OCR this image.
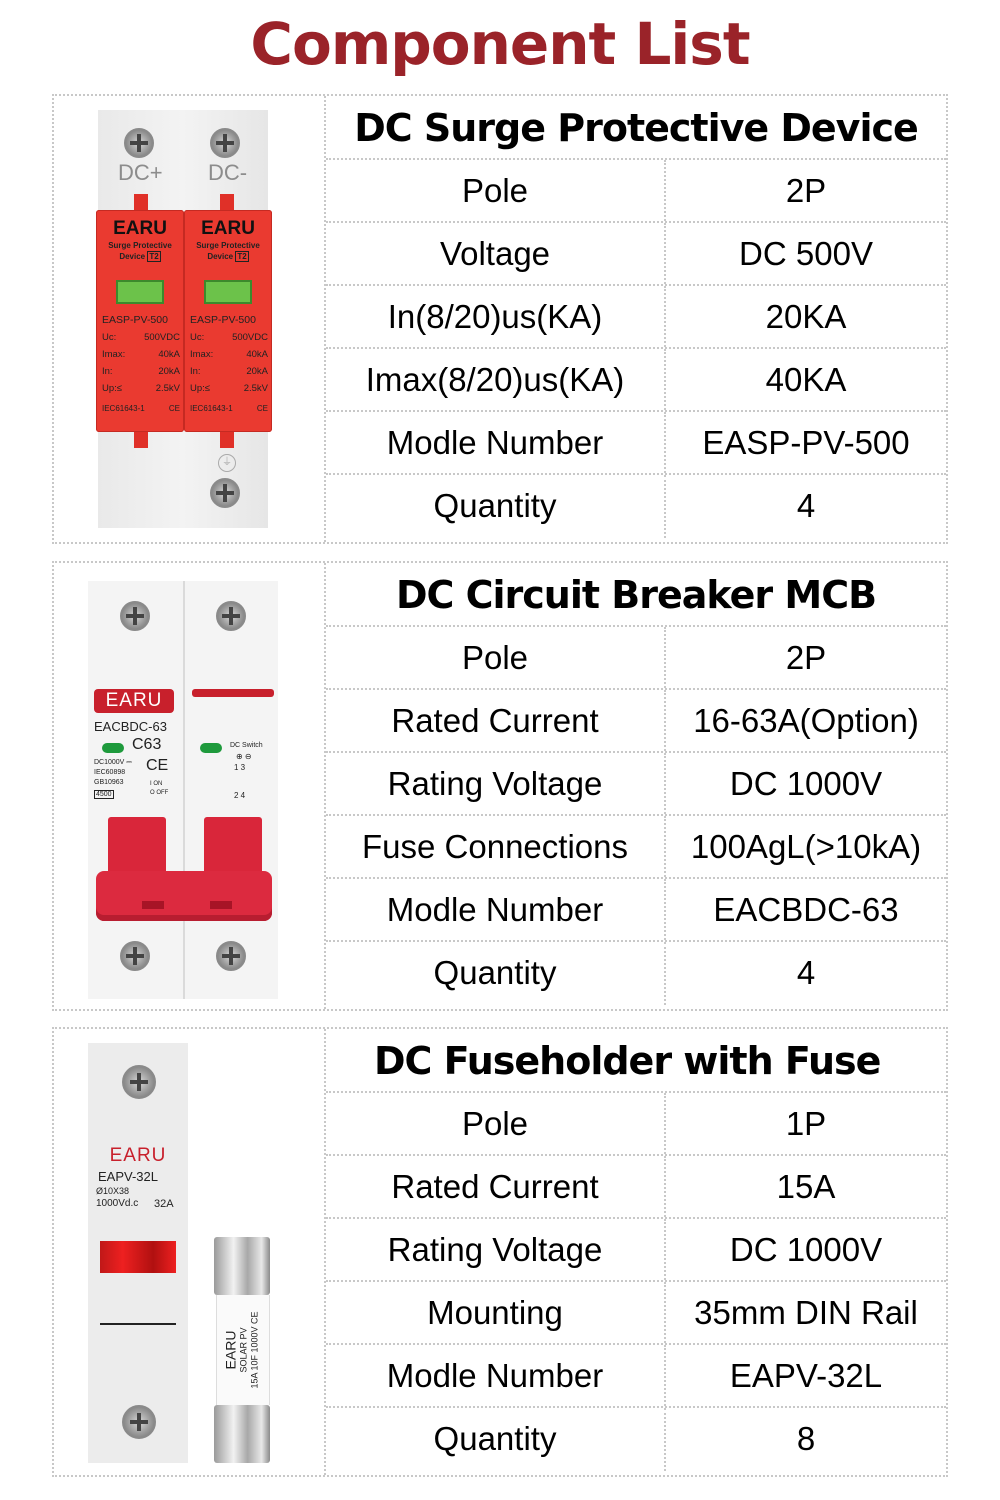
Component List
DC+ DC-
EARU
Surge Protective
Device T2
EASP-PV-500
Uc:	500VDC
Imax:	40kA
In:	20kA
Up:≤	2.5kV
IEC61643-1	CE
EARU
Surge Protective
Device T2
EASP-PV-500
Uc:	500VDC
Imax:	40kA
In:	20kA
Up:≤	2.5kV
IEC61643-1	CE
⏚
DC Surge Protective Device
Pole	2P
Voltage	DC 500V
In(8/20)us(KA)	20KA
Imax(8/20)us(KA)	40KA
Modle Number	EASP-PV-500
Quantity	4
EARU
EACBDC-63
C63
DC1000V ⎓
IEC60898
GB10963
4500
CE
I ON
O OFF
DC Switch
⊕ ⊖
1 3
2 4
DC Circuit Breaker MCB
Pole	2P
Rated Current	16-63A(Option)
Rating Voltage	DC 1000V
Fuse Connections	100AgL(>10kA)
Modle Number	EACBDC-63
Quantity	4
EARU
EAPV-32L
Ø10X38
1000Vd.c 32A
EARU
SOLAR PV
15A 10F 1000V CE
DC Fuseholder with Fuse
Pole	1P
Rated Current	15A
Rating Voltage	DC 1000V
Mounting	35mm DIN Rail
Modle Number	EAPV-32L
Quantity	8
